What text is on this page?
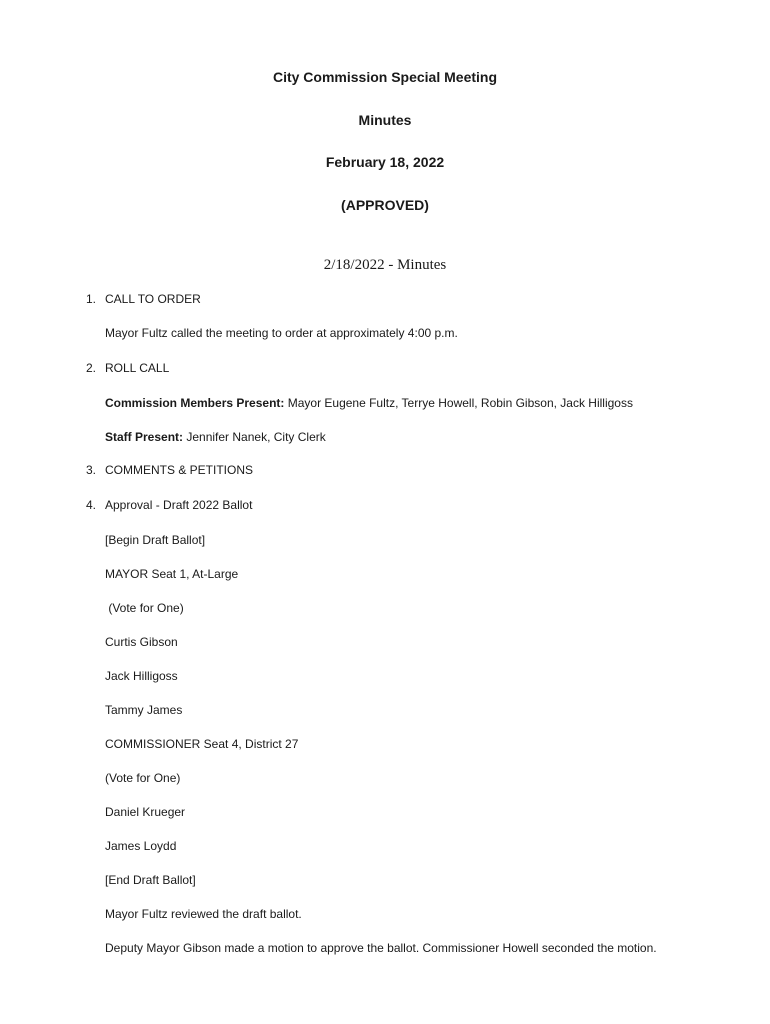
City Commission Special Meeting
Minutes
February 18, 2022
(APPROVED)
2/18/2022 - Minutes
1. CALL TO ORDER
Mayor Fultz called the meeting to order at approximately 4:00 p.m.
2. ROLL CALL
Commission Members Present: Mayor Eugene Fultz, Terrye Howell, Robin Gibson, Jack Hilligoss
Staff Present: Jennifer Nanek, City Clerk
3. COMMENTS & PETITIONS
4. Approval - Draft 2022 Ballot
[Begin Draft Ballot]
MAYOR Seat 1, At-Large
(Vote for One)
Curtis Gibson
Jack Hilligoss
Tammy James
COMMISSIONER Seat 4, District 27
(Vote for One)
Daniel Krueger
James Loydd
[End Draft Ballot]
Mayor Fultz reviewed the draft ballot.
Deputy Mayor Gibson made a motion to approve the ballot. Commissioner Howell seconded the motion.
